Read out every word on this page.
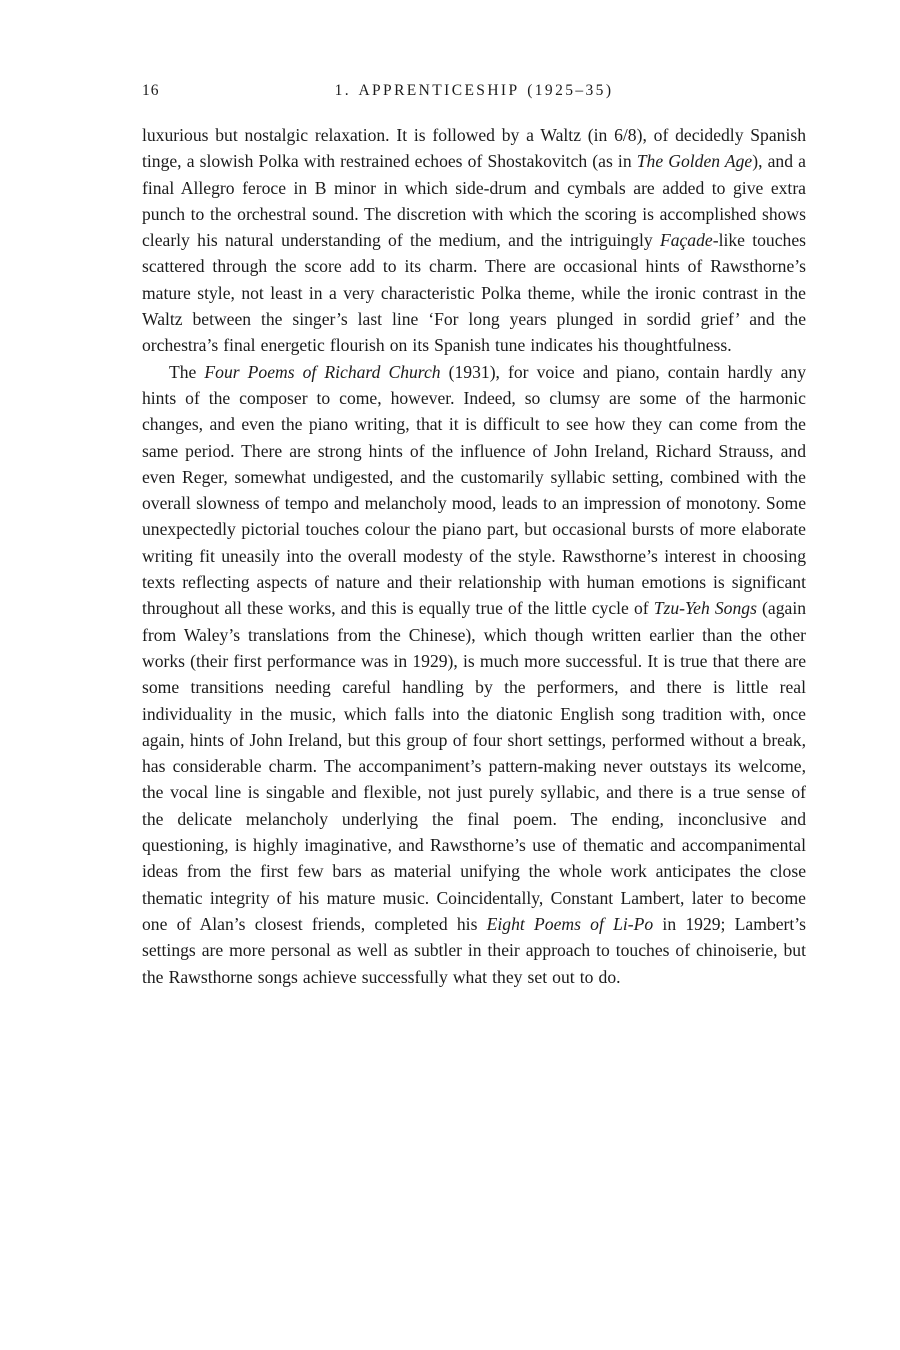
16	1. APPRENTICESHIP (1925–35)

luxurious but nostalgic relaxation. It is followed by a Waltz (in 6/8), of decidedly Spanish tinge, a slowish Polka with restrained echoes of Shostakovitch (as in The Golden Age), and a final Allegro feroce in B minor in which side-drum and cymbals are added to give extra punch to the orchestral sound. The discretion with which the scoring is accomplished shows clearly his natural understanding of the medium, and the intriguingly Façade-like touches scattered through the score add to its charm. There are occasional hints of Rawsthorne’s mature style, not least in a very characteristic Polka theme, while the ironic contrast in the Waltz between the singer’s last line ‘For long years plunged in sordid grief’ and the orchestra’s final energetic flourish on its Spanish tune indicates his thoughtfulness.

The Four Poems of Richard Church (1931), for voice and piano, contain hardly any hints of the composer to come, however. Indeed, so clumsy are some of the harmonic changes, and even the piano writing, that it is difficult to see how they can come from the same period. There are strong hints of the influence of John Ireland, Richard Strauss, and even Reger, somewhat undigested, and the customarily syllabic setting, combined with the overall slowness of tempo and melancholy mood, leads to an impression of monotony. Some unexpectedly pictorial touches colour the piano part, but occasional bursts of more elaborate writing fit uneasily into the overall modesty of the style. Rawsthorne’s interest in choosing texts reflecting aspects of nature and their relationship with human emotions is significant throughout all these works, and this is equally true of the little cycle of Tzu-Yeh Songs (again from Waley’s translations from the Chinese), which though written earlier than the other works (their first performance was in 1929), is much more successful. It is true that there are some transitions needing careful handling by the performers, and there is little real individuality in the music, which falls into the diatonic English song tradition with, once again, hints of John Ireland, but this group of four short settings, performed without a break, has considerable charm. The accompaniment’s pattern-making never outstays its welcome, the vocal line is singable and flexible, not just purely syllabic, and there is a true sense of the delicate melancholy underlying the final poem. The ending, inconclusive and questioning, is highly imaginative, and Rawsthorne’s use of thematic and accompanimental ideas from the first few bars as material unifying the whole work anticipates the close thematic integrity of his mature music. Coincidentally, Constant Lambert, later to become one of Alan’s closest friends, completed his Eight Poems of Li-Po in 1929; Lambert’s settings are more personal as well as subtler in their approach to touches of chinoiserie, but the Rawsthorne songs achieve successfully what they set out to do.
